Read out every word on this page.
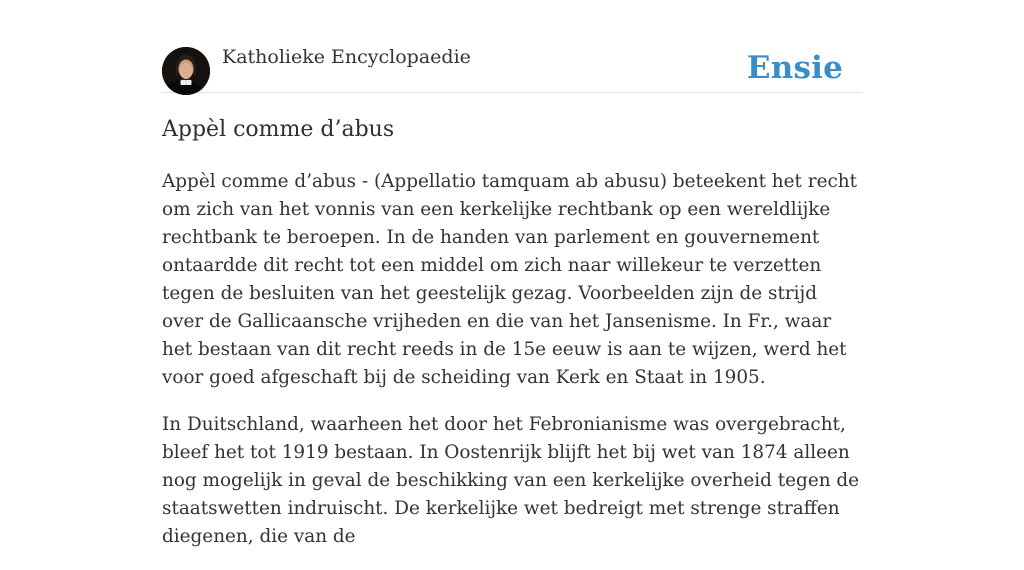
Katholieke Encyclopaedie	Ensie
Appèl comme d’abus

Appèl comme d’abus - (Appellatio tamquam ab abusu) beteekent het recht om zich van het vonnis van een kerkelijke rechtbank op een wereldlijke rechtbank te beroepen. In de handen van parlement en gouvernement ontaardde dit recht tot een middel om zich naar willekeur te verzetten tegen de besluiten van het geestelijk gezag. Voorbeelden zijn de strijd over de Gallicaansche vrijheden en die van het Jansenisme. In Fr., waar het bestaan van dit recht reeds in de 15e eeuw is aan te wijzen, werd het voor goed afgeschaft bij de scheiding van Kerk en Staat in 1905.

In Duitschland, waarheen het door het Febronianisme was overgebracht, bleef het tot 1919 bestaan. In Oostenrijk blijft het bij wet van 1874 alleen nog mogelijk in geval de beschikking van een kerkelijke overheid tegen de staatswetten indruischt. De kerkelijke wet bedreigt met strenge straffen diegenen, die van de
